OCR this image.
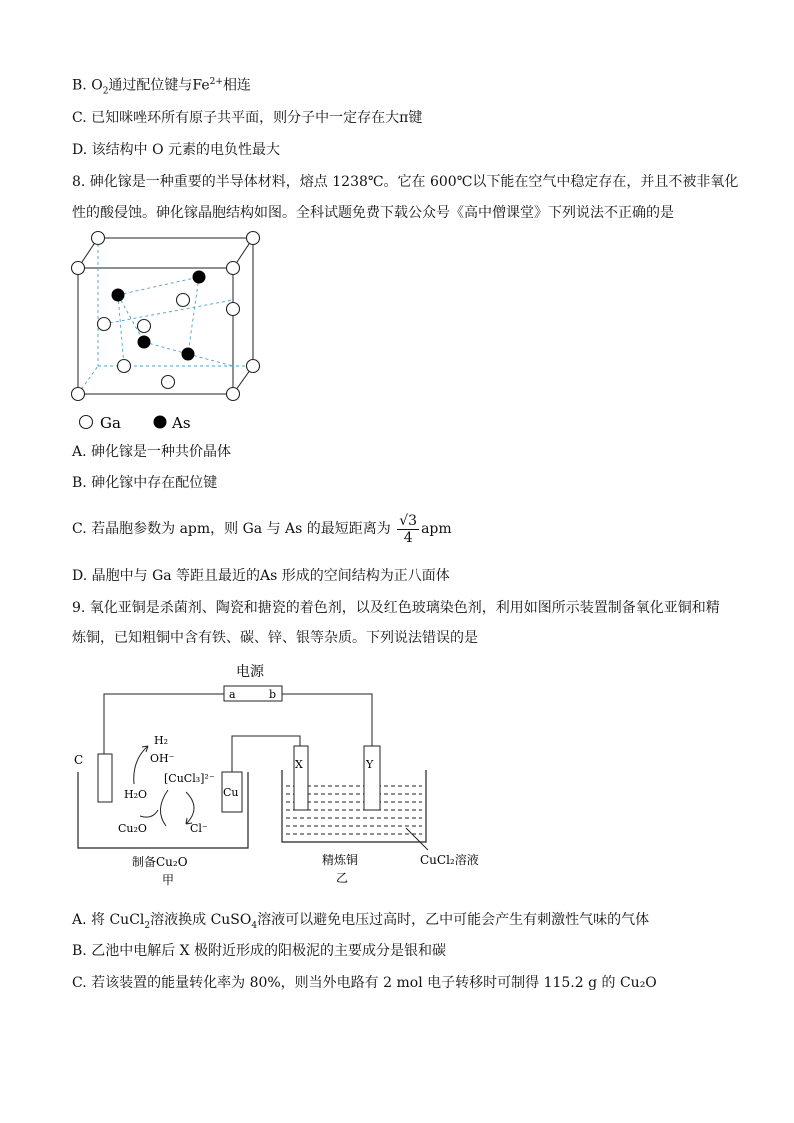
B. $O_2$通过配位键与$Fe^{2+}$相连
C. 已知咪唑环所有原子共平面，则分子中一定存在大π键
D. 该结构中 O 元素的电负性最大
8. 砷化镓是一种重要的半导体材料，熔点 1238℃。它在 600℃以下能在空气中稳定存在，并且不被非氧化
性的酸侵蚀。砷化镓晶胞结构如图。全科试题免费下载公众号《高中僧课堂》下列说法不正确的是
Ga	As
A. 砷化镓是一种共价晶体
B. 砷化镓中存在配位键
C. 若晶胞参数为 apm，则 Ga 与 As 的最短距离为 $\frac{√3}{4}$ apm
D. 晶胞中与 Ga 等距且最近的As 形成的空间结构为正八面体
9. 氧化亚铜是杀菌剂、陶瓷和搪瓷的着色剂，以及红色玻璃染色剂，利用如图所示装置制备氧化亚铜和精
炼铜，已知粗铜中含有铁、碳、锌、银等杂质。下列说法错误的是
电源
a	b
C
Cu
H₂
OH⁻
H₂O
[CuCl₃]²⁻
Cu₂O	Cl⁻
X	Y
CuCl₂溶液
制备Cu₂O
甲
精炼铜
乙
A. 将 CuCl$_2$溶液换成 CuSO$_4$溶液可以避免电压过高时，乙中可能会产生有刺激性气味的气体
B. 乙池中电解后 X 极附近形成的阳极泥的主要成分是银和碳
C. 若该装置的能量转化率为 80%，则当外电路有 2 mol 电子转移时可制得 115.2 g 的 Cu₂O
